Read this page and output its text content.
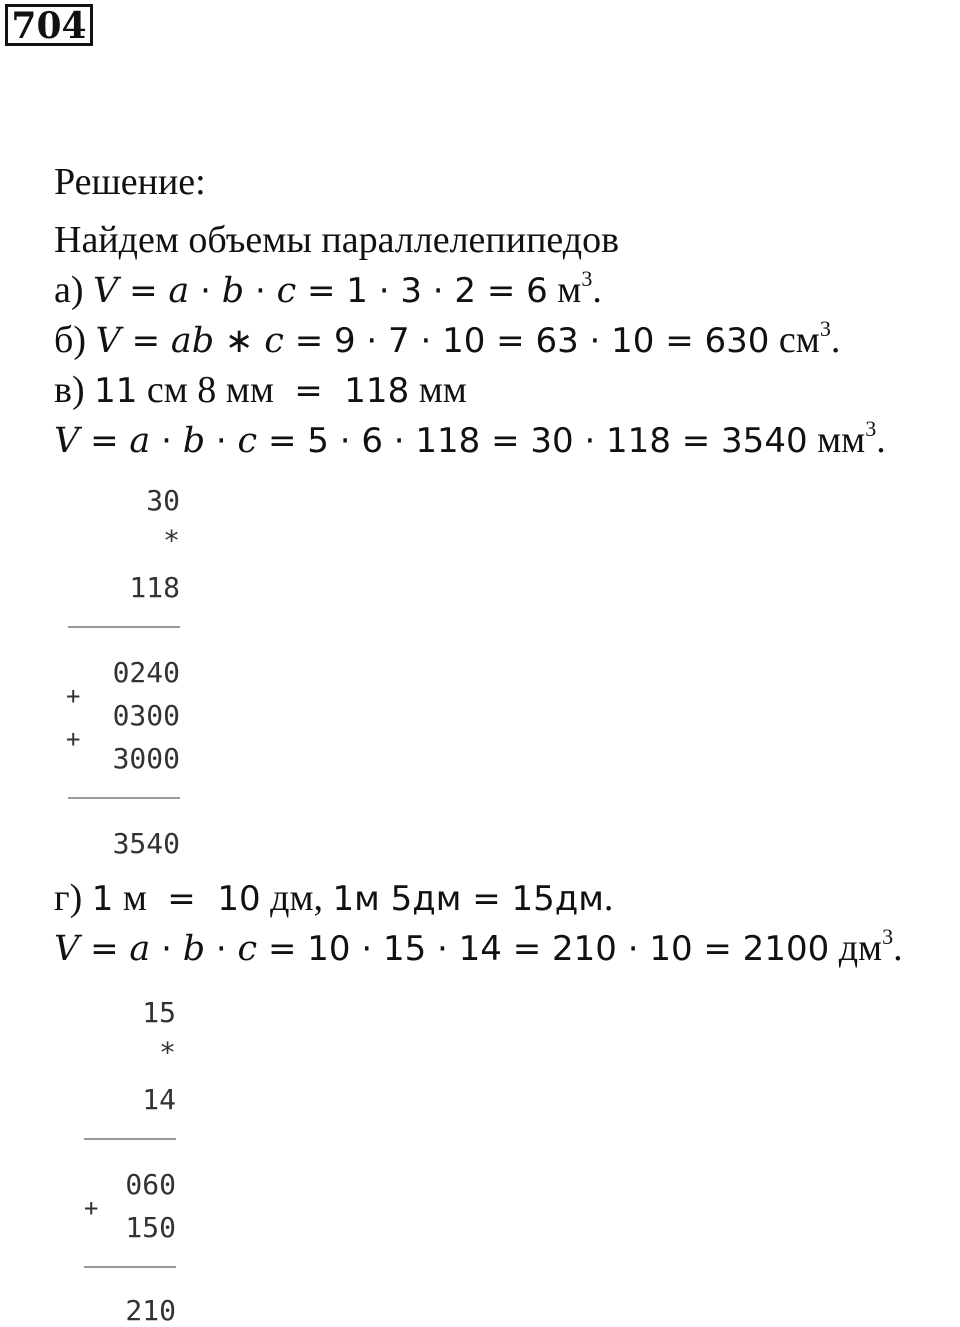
704
Решение:
Найдем объемы параллелепипедов
а) V = a · b · c = 1 · 3 · 2 = 6 $м^3$.
б) V = ab ∗ c = 9 · 7 · 10 = 63 · 10 = 630 $см^3$.
в) 11 см 8 мм  =  118 мм
V = a · b · c = 5 · 6 · 118 = 30 · 118 = 3540 $мм^3$.
30
*
118
0240
+
0300
+
3000
3540
г) 1 м  =  10 дм, 1м 5дм = 15дм.
V = a · b · c = 10 · 15 · 14 = 210 · 10 = 2100 $дм^3$.
15
*
14
060
+
150
210
